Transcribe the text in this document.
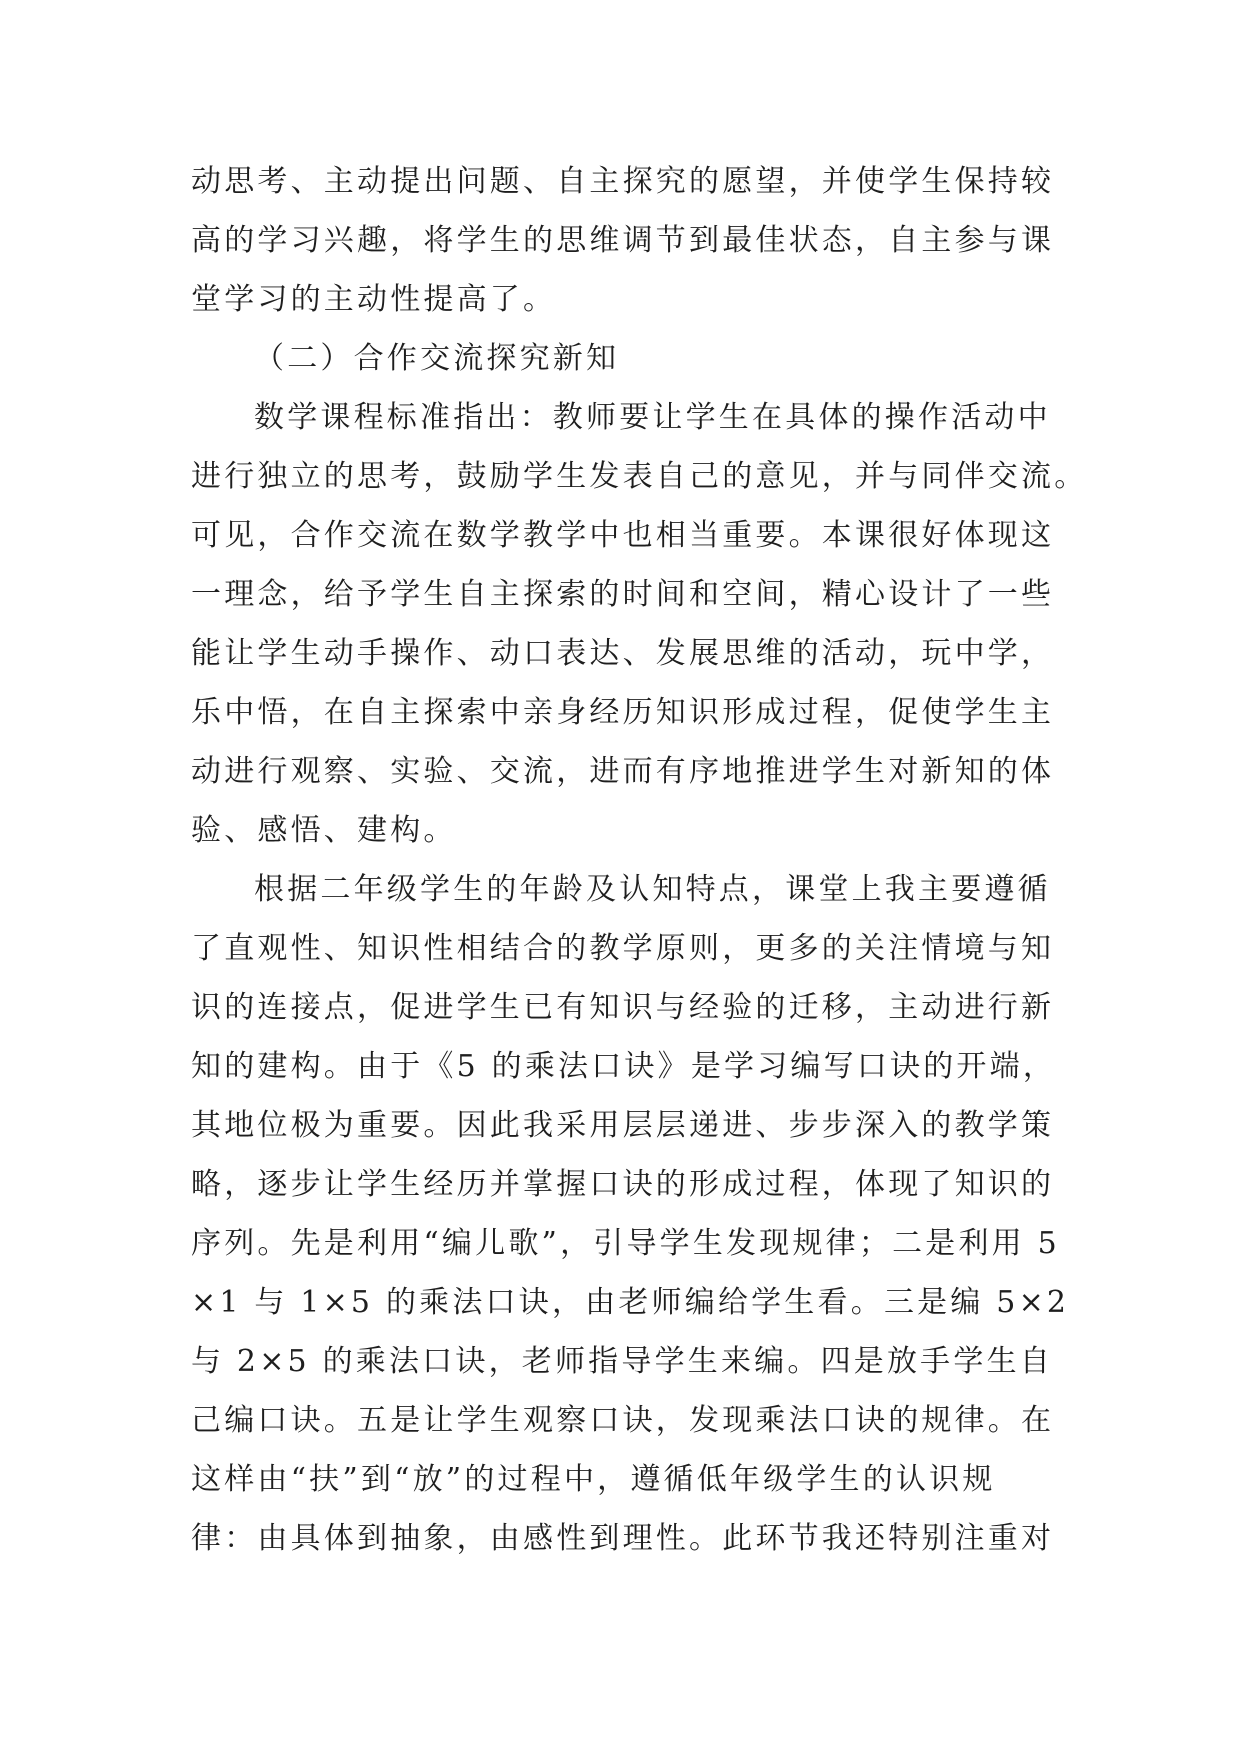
动思考、主动提出问题、自主探究的愿望，并使学生保持较
高的学习兴趣，将学生的思维调节到最佳状态，自主参与课
堂学习的主动性提高了。
（二）合作交流探究新知
数学课程标准指出：教师要让学生在具体的操作活动中
进行独立的思考，鼓励学生发表自己的意见，并与同伴交流。
可见，合作交流在数学教学中也相当重要。本课很好体现这
一理念，给予学生自主探索的时间和空间，精心设计了一些
能让学生动手操作、动口表达、发展思维的活动，玩中学，
乐中悟，在自主探索中亲身经历知识形成过程，促使学生主
动进行观察、实验、交流，进而有序地推进学生对新知的体
验、感悟、建构。
根据二年级学生的年龄及认知特点，课堂上我主要遵循
了直观性、知识性相结合的教学原则，更多的关注情境与知
识的连接点，促进学生已有知识与经验的迁移，主动进行新
知的建构。由于《5 的乘法口诀》是学习编写口诀的开端，
其地位极为重要。因此我采用层层递进、步步深入的教学策
略，逐步让学生经历并掌握口诀的形成过程，体现了知识的
序列。先是利用“编儿歌”，引导学生发现规律；二是利用 5
×1 与 1×5 的乘法口诀，由老师编给学生看。三是编 5×2
与 2×5 的乘法口诀，老师指导学生来编。四是放手学生自
己编口诀。五是让学生观察口诀，发现乘法口诀的规律。在
这样由“扶”到“放”的过程中，遵循低年级学生的认识规
律：由具体到抽象，由感性到理性。此环节我还特别注重对
